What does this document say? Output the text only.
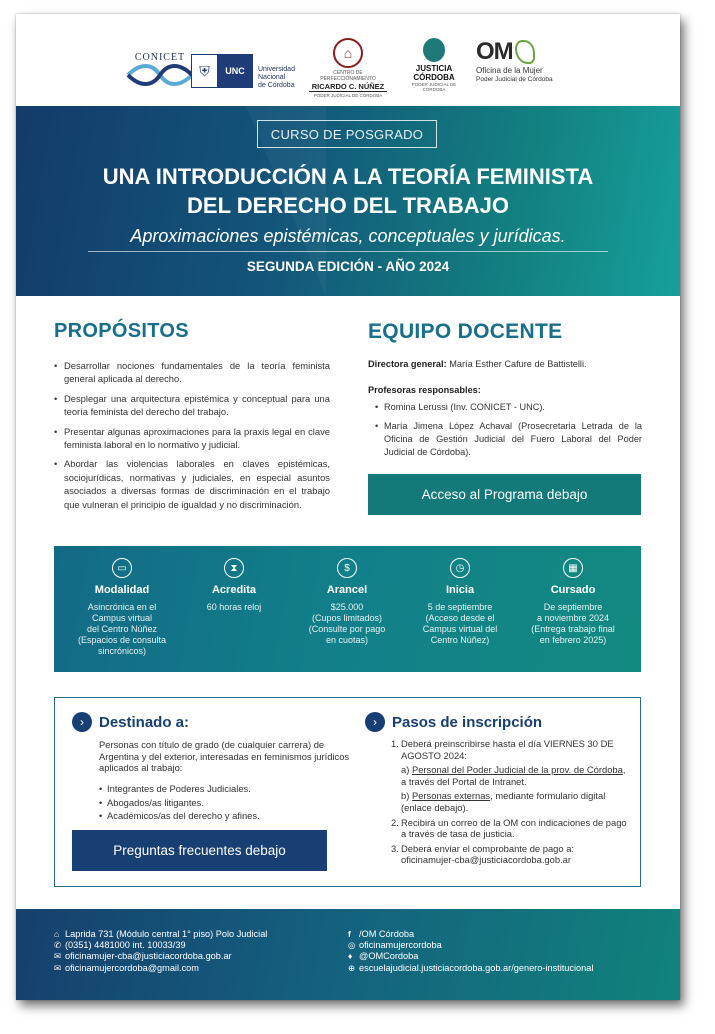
CONICET
⛨	UNC	Universidad
Nacional
de Córdoba
⌂
CENTRO DE PERFECCIONAMIENTO
RICARDO C. NÚÑEZ
PODER JUDICIAL DE CÓRDOBA
JUSTICIA
CÓRDOBA
PODER JUDICIAL DE CÓRDOBA
OM
Oficina de la Mujer
Poder Judicial de Córdoba
CURSO DE POSGRADO
UNA INTRODUCCIÓN A LA TEORÍA FEMINISTA
DEL DERECHO DEL TRABAJO
Aproximaciones epistémicas, conceptuales y jurídicas.
SEGUNDA EDICIÓN - AÑO 2024
PROPÓSITOS
• Desarrollar nociones fundamentales de la teoría feminista general aplicada al derecho.
• Desplegar una arquitectura epistémica y conceptual para una teoría feminista del derecho del trabajo.
• Presentar algunas aproximaciones para la praxis legal en clave feminista laboral en lo normativo y judicial.
• Abordar las violencias laborales en claves epistémicas, sociojurídicas, normativas y judiciales, en especial asuntos asociados a diversas formas de discriminación en el trabajo que vulneran el principio de igualdad y no discriminación.
EQUIPO DOCENTE
Directora general: María Esther Cafure de Battistelli.
Profesoras responsables:
• Romina Lerussi (Inv. CONICET - UNC).
• María Jimena López Achaval (Prosecretaria Letrada de la Oficina de Gestión Judicial del Fuero Laboral del Poder Judicial de Córdoba).
Acceso al Programa debajo
▭
Modalidad
Asincrónica en el
Campus virtual
del Centro Núñez
(Espacios de consulta
sincrónicos)
⧗
Acredita
60 horas reloj
$
Arancel
$25.000
(Cupos limitados)
(Consulte por pago
en cuotas)
◷
Inicia
5 de septiembre
(Acceso desde el
Campus virtual del
Centro Núñez)
▦
Cursado
De septiembre
a noviembre 2024
(Entrega trabajo final
en febrero 2025)
›	Destinado a:
Personas con título de grado (de cualquier carrera) de Argentina y del exterior, interesadas en feminismos jurídicos aplicados al trabajo:
• Integrantes de Poderes Judiciales.
• Abogados/as litigantes.
• Académicos/as del derecho y afines.
Preguntas frecuentes debajo
›	Pasos de inscripción
1. Deberá preinscribirse hasta el día VIERNES 30 DE AGOSTO 2024:
a) Personal del Poder Judicial de la prov. de Córdoba, a través del Portal de Intranet.
b) Personas externas, mediante formulario digital (enlace debajo).
2. Recibirá un correo de la OM con indicaciones de pago a través de tasa de justicia.
3. Deberá enviar el comprobante de pago a: oficinamujer-cba@justiciacordoba.gob.ar
⌂ Laprida 731 (Módulo central 1° piso) Polo Judicial
✆ (0351) 4481000 int. 10033/39
✉ oficinamujer-cba@justiciacordoba.gob.ar
✉ oficinamujercordoba@gmail.com
f /OM Córdoba
◎ oficinamujercordoba
♦ @OMCordoba
⊕ escuelajudicial.justiciacordoba.gob.ar/genero-institucional
